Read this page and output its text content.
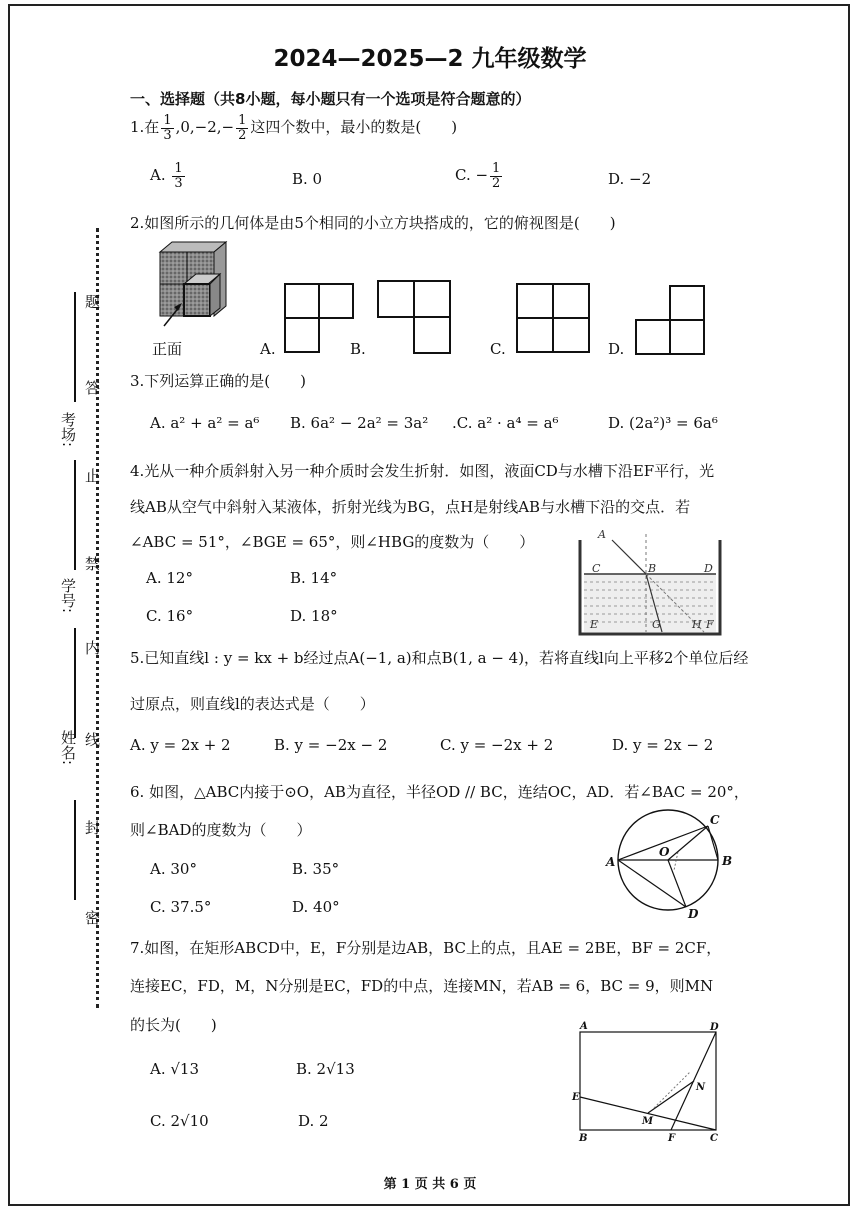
考场:
学号:
姓名:
题
答
止
禁
内
线
封
密
2024—2025—2 九年级数学
一、选择题（共8小题，每小题只有一个选项是符合题意的）
1.在 $\frac{1}{3} ,0,-2,- \frac{1}{2}$ 这四个数中，最小的数是(　　)
A. $\frac{1}{3}$	B. 0	C. − $\frac{1}{2}$	D. −2
2.如图所示的几何体是由5个相同的小立方块搭成的，它的俯视图是(　　)
正面	A.	B.	C.	D.
3.下列运算正确的是(　　)
A. a² + a² = a⁶ B. 6a² − 2a² = 3a² .C. a² · a⁴ = a⁶	D. (2a²)³ = 6a⁶
4.光从一种介质斜射入另一种介质时会发生折射．如图，液面CD与水槽下沿EF平行，光
线AB从空气中斜射入某液体，折射光线为BG，点H是射线AB与水槽下沿的交点．若
∠ABC = 51°，∠BGE = 65°，则∠HBG的度数为（　　）
A. 12°	B. 14°
C. 16°	D. 18°
A
B
C	D
E	G	H F
5.已知直线l : y = kx + b经过点A(−1, a)和点B(1, a − 4)，若将直线l向上平移2个单位后经
过原点，则直线l的表达式是（　　）
A. y = 2x + 2	B. y = −2x − 2	C. y = −2x + 2	D. y = 2x − 2
6. 如图，△ABC内接于⊙O，AB为直径，半径OD // BC，连结OC，AD．若∠BAC = 20°，
则∠BAD的度数为（　　）
A. 30°	B. 35°
C. 37.5°	D. 40°
A	B
C
D
O
7.如图，在矩形ABCD中，E，F分别是边AB，BC上的点，且AE = 2BE，BF = 2CF，
连接EC，FD，M，N分别是EC，FD的中点，连接MN，若AB = 6，BC = 9，则MN
的长为(　　)
A. √13	B. 2√13
C. 2√10	D. 2
A	D
E
N
M
B	F	C
第 1 页 共 6 页
